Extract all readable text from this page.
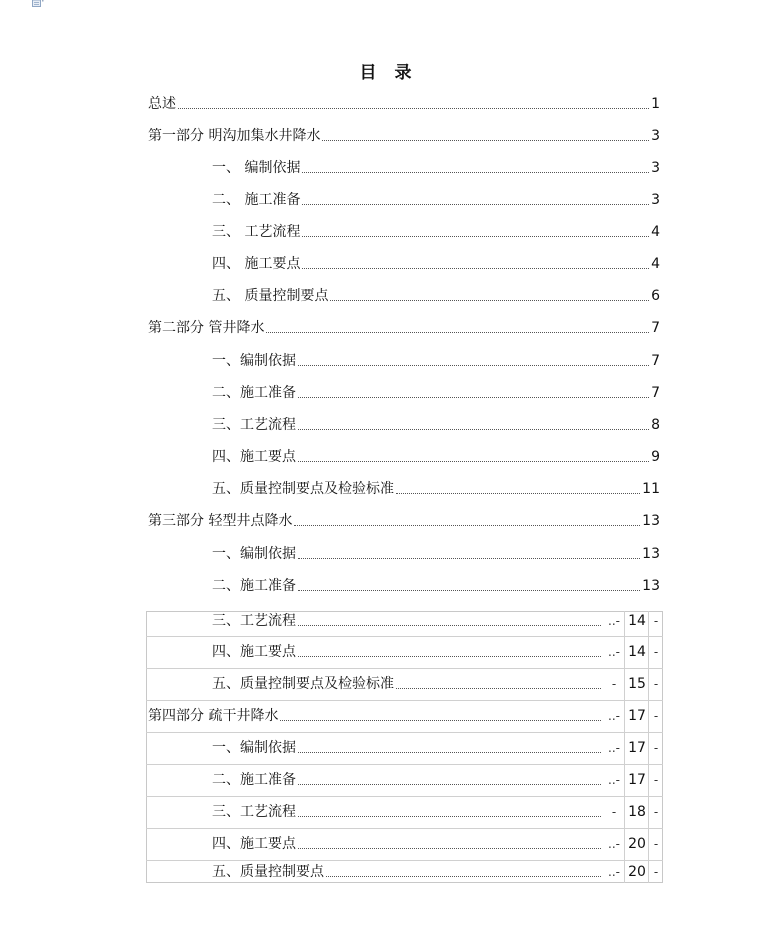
目 录
总述	1
第一部分 明沟加集水井降水	3
一、 编制依据	3
二、 施工准备	3
三、 工艺流程	4
四、 施工要点	4
五、 质量控制要点	6
第二部分 管井降水	7
一、编制依据	7
二、施工准备	7
三、工艺流程	8
四、施工要点	9
五、质量控制要点及检验标准	11
第三部分 轻型井点降水	13
一、编制依据	13
二、施工准备	13
三、工艺流程	..- 14 -
四、施工要点	..- 14 -
五、质量控制要点及检验标准	- 15 -
第四部分 疏干井降水	..- 17 -
一、编制依据	..- 17 -
二、施工准备	..- 17 -
三、工艺流程	- 18 -
四、施工要点	..- 20 -
五、质量控制要点	..- 20 -
